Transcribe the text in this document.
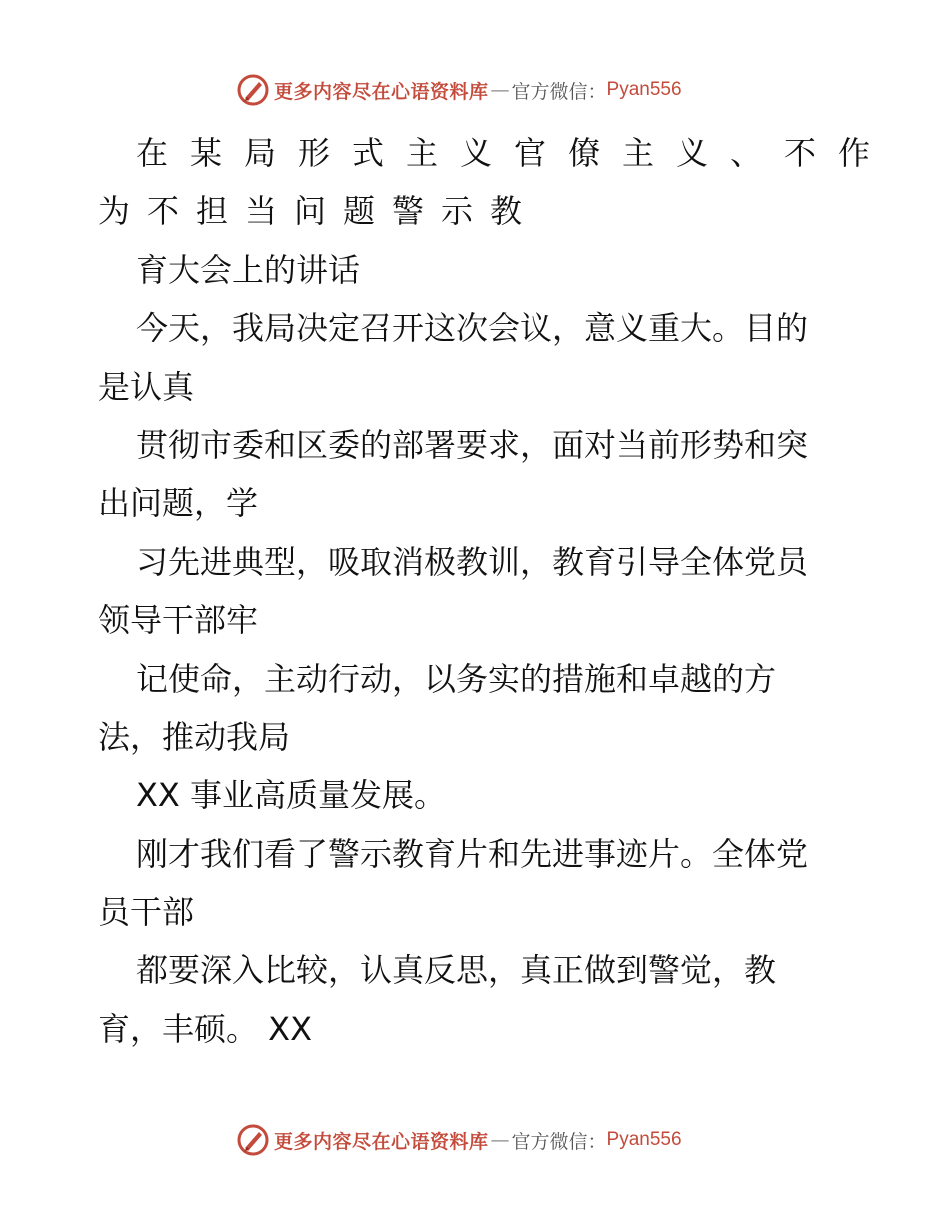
更多内容尽在心语资料库 — 官方微信： Pyan556

在某局形式主义官僚主义、不作

为不担当问题警示教

育大会上的讲话

今天，我局决定召开这次会议，意义重大。目的

是认真

贯彻市委和区委的部署要求，面对当前形势和突

出问题，学

习先进典型，吸取消极教训，教育引导全体党员

领导干部牢

记使命，主动行动，以务实的措施和卓越的方

法，推动我局

XX 事业高质量发展。

刚才我们看了警示教育片和先进事迹片。全体党

员干部

都要深入比较，认真反思，真正做到警觉，教

育，丰硕。 XX

更多内容尽在心语资料库 — 官方微信： Pyan556
